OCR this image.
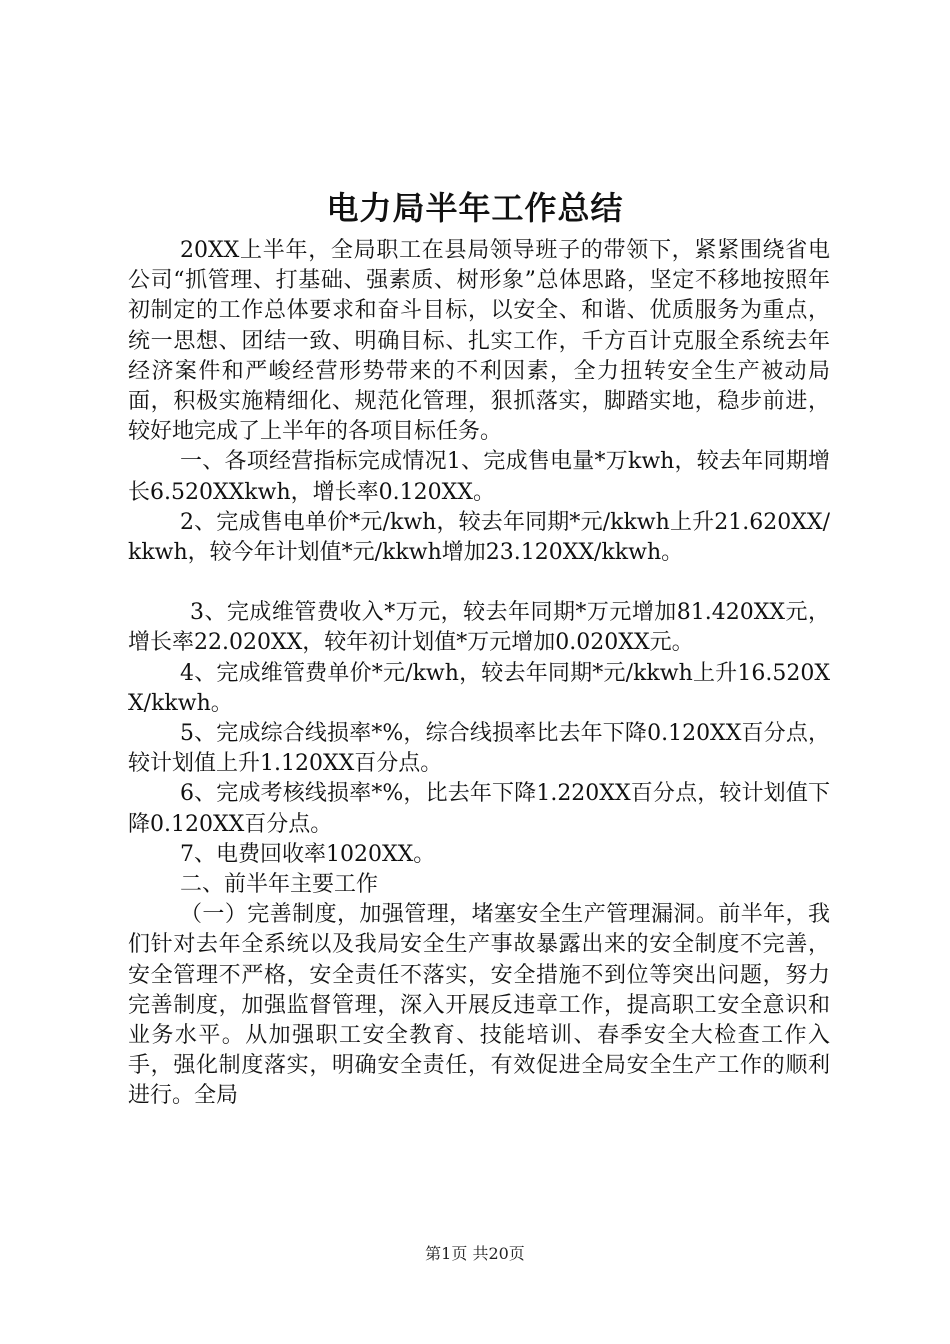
电力局半年工作总结

20XX上半年，全局职工在县局领导班子的带领下，紧紧围绕省电公司“抓管理、打基础、强素质、树形象”总体思路，坚定不移地按照年初制定的工作总体要求和奋斗目标，以安全、和谐、优质服务为重点，统一思想、团结一致、明确目标、扎实工作，千方百计克服全系统去年经济案件和严峻经营形势带来的不利因素，全力扭转安全生产被动局面，积极实施精细化、规范化管理，狠抓落实，脚踏实地，稳步前进，较好地完成了上半年的各项目标任务。

一、各项经营指标完成情况1、完成售电量*万kwh，较去年同期增长6.520XXkwh，增长率0.120XX。

2、完成售电单价*元/kwh，较去年同期*元/kkwh上升21.620XX/kkwh，较今年计划值*元/kkwh增加23.120XX/kkwh。

3、完成维管费收入*万元，较去年同期*万元增加81.420XX元，增长率22.020XX，较年初计划值*万元增加0.020XX元。

4、完成维管费单价*元/kwh，较去年同期*元/kkwh上升16.520XX/kkwh。

5、完成综合线损率*%，综合线损率比去年下降0.120XX百分点，较计划值上升1.120XX百分点。

6、完成考核线损率*%，比去年下降1.220XX百分点，较计划值下降0.120XX百分点。

7、电费回收率1020XX。

二、前半年主要工作

（一）完善制度，加强管理，堵塞安全生产管理漏洞。前半年，我们针对去年全系统以及我局安全生产事故暴露出来的安全制度不完善，安全管理不严格，安全责任不落实，安全措施不到位等突出问题，努力完善制度，加强监督管理，深入开展反违章工作，提高职工安全意识和业务水平。从加强职工安全教育、技能培训、春季安全大检查工作入手，强化制度落实，明确安全责任，有效促进全局安全生产工作的顺利进行。全局

第1页 共20页
